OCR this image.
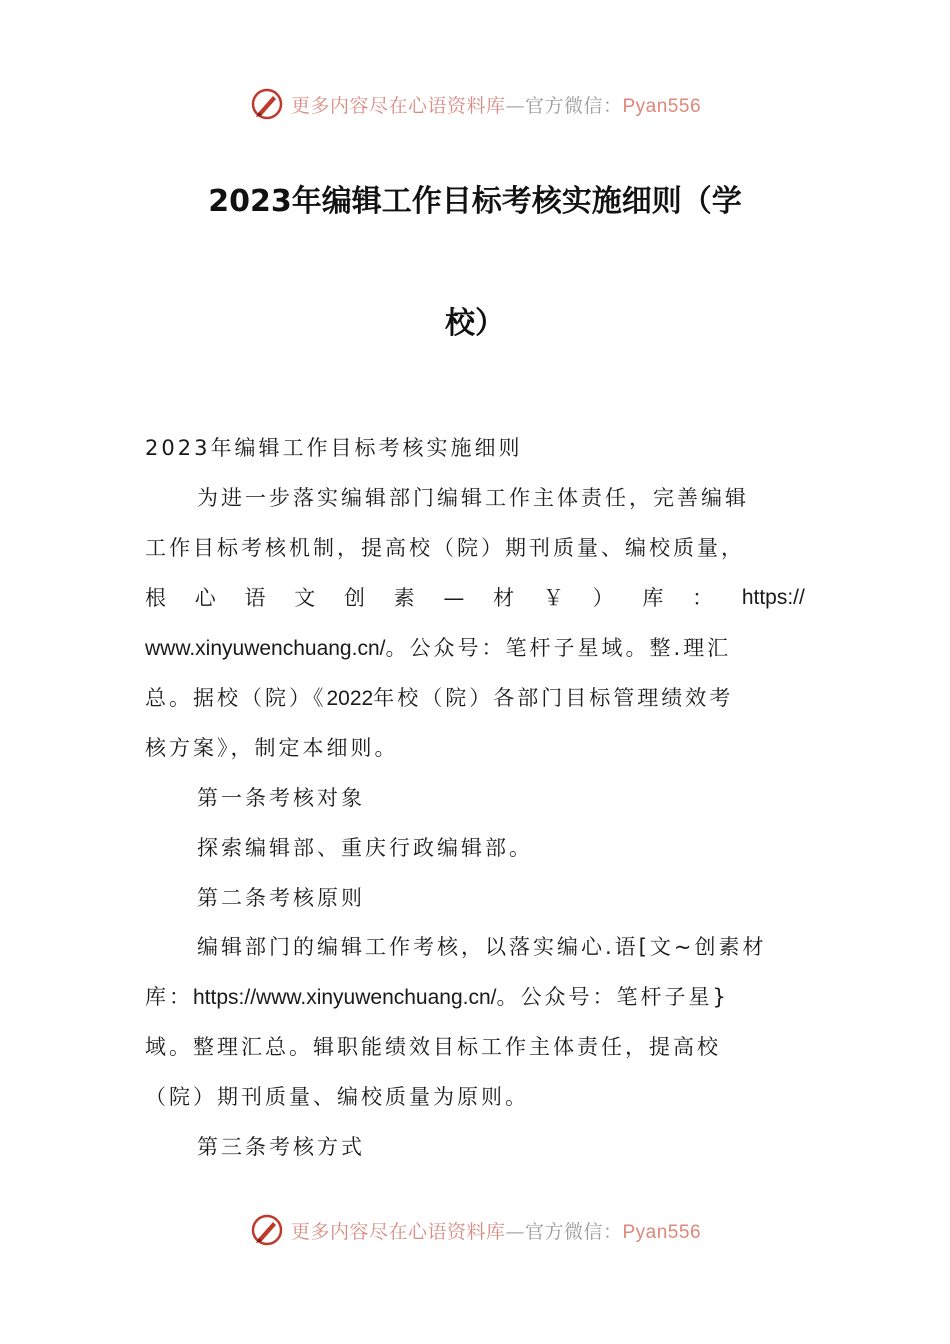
更多内容尽在心语资料库—官方微信：Pyan556
2023年编辑工作目标考核实施细则（学
校）
2023年编辑工作目标考核实施细则
为进一步落实编辑部门编辑工作主体责任，完善编辑
工作目标考核机制，提高校（院）期刊质量、编校质量，
根 心 语 文 创 素 — 材 ￥ ） 库 ： https://
www.xinyuwenchuang.cn/。公众号：笔杆子星域。整.理汇
总。据校（院）《2022年校（院）各部门目标管理绩效考
核方案》，制定本细则。
第一条考核对象
探索编辑部、重庆行政编辑部。
第二条考核原则
编辑部门的编辑工作考核，以落实编心.语[文~创素材
库：https://www.xinyuwenchuang.cn/。公众号：笔杆子星}
域。整理汇总。辑职能绩效目标工作主体责任，提高校
（院）期刊质量、编校质量为原则。
第三条考核方式
更多内容尽在心语资料库—官方微信：Pyan556
